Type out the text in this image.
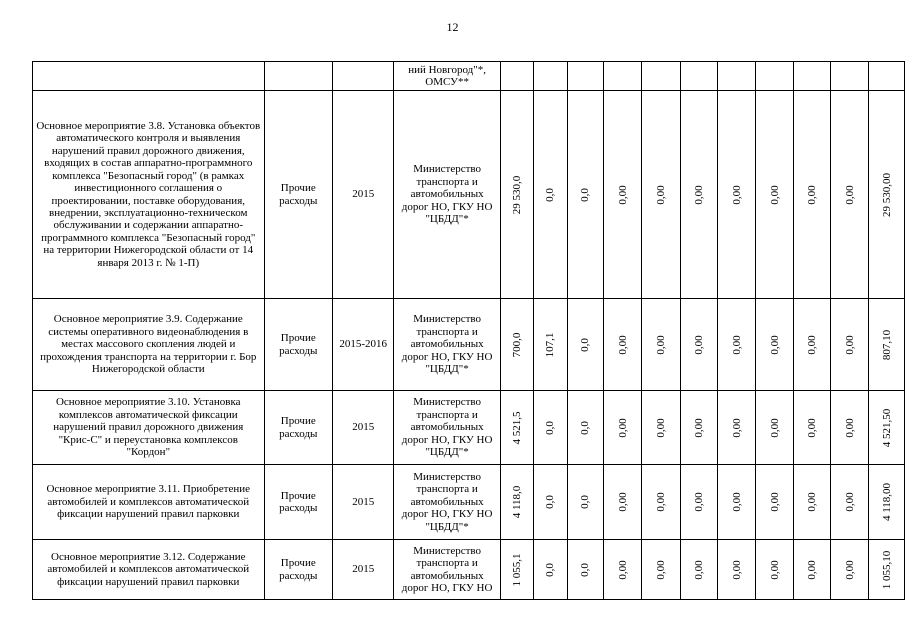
12
			ний Новгород"*, ОМСУ**											
Основное мероприятие 3.8. Установка объектов автоматического контроля и выявления нарушений правил дорожного движения, входящих в состав аппаратно-программного комплекса "Безопасный город" (в рамках инвестиционного соглашения о проектировании, поставке оборудования, внедрении, эксплуатационно-техническом обслуживании и содержании аппаратно-программного комплекса "Безопасный город" на территории Нижегородской области от 14 января 2013 г. № 1-П)	Прочие расходы	2015	Министерство транспорта и автомобильных дорог НО, ГКУ НО "ЦБДД"*	29 530,0	0,0	0,0	0,00	0,00	0,00	0,00	0,00	0,00	0,00	29 530,00

Основное мероприятие 3.9. Содержание системы оперативного видеонаблюдения в местах массового скопления людей и прохождения транспорта на территории г. Бор Нижегородской области	Прочие расходы	2015-2016	Министерство транспорта и автомобильных дорог НО, ГКУ НО "ЦБДД"*	700,0	107,1	0,0	0,00	0,00	0,00	0,00	0,00	0,00	0,00	807,10

Основное мероприятие 3.10. Установка комплексов автоматической фиксации нарушений правил дорожного движения "Крис-С" и переустановка комплексов "Кордон"	Прочие расходы	2015	Министерство транспорта и автомобильных дорог НО, ГКУ НО "ЦБДД"*	4 521,5	0,0	0,0	0,00	0,00	0,00	0,00	0,00	0,00	0,00	4 521,50

Основное мероприятие 3.11. Приобретение автомобилей и комплексов автоматической фиксации нарушений правил парковки	Прочие расходы	2015	Министерство транспорта и автомобильных дорог НО, ГКУ НО "ЦБДД"*	4 118,0	0,0	0,0	0,00	0,00	0,00	0,00	0,00	0,00	0,00	4 118,00

Основное мероприятие 3.12. Содержание автомобилей и комплексов автоматической фиксации нарушений правил парковки	Прочие расходы	2015	Министерство транспорта и автомобильных дорог НО, ГКУ НО	1 055,1	0,0	0,0	0,00	0,00	0,00	0,00	0,00	0,00	0,00	1 055,10
